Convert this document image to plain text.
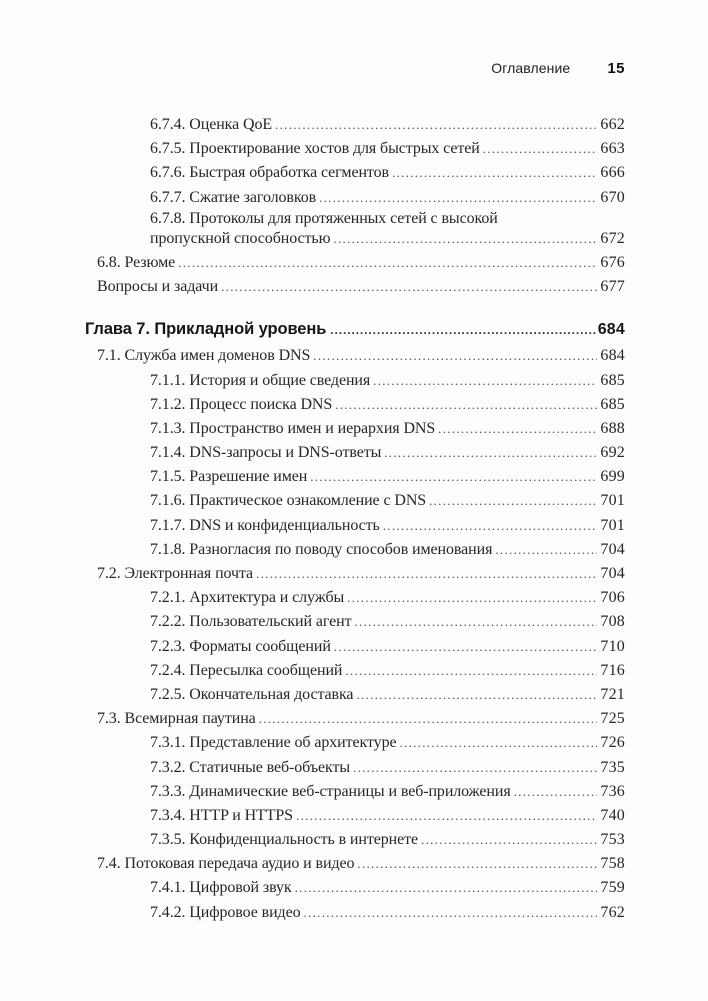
Оглавление 15
6.7.4. Оценка QoE .....	662
6.7.5. Проектирование хостов для быстрых сетей .....	663
6.7.6. Быстрая обработка сегментов .....	666
6.7.7. Сжатие заголовков .....	670
6.7.8. Протоколы для протяженных сетей с высокой
пропускной способностью .....	672
6.8. Резюме .....	676
Вопросы и задачи .....	677
Глава 7. Прикладной уровень .....	684
7.1. Служба имен доменов DNS .....	684
7.1.1. История и общие сведения .....	685
7.1.2. Процесс поиска DNS .....	685
7.1.3. Пространство имен и иерархия DNS .....	688
7.1.4. DNS-запросы и DNS-ответы .....	692
7.1.5. Разрешение имен .....	699
7.1.6. Практическое ознакомление с DNS .....	701
7.1.7. DNS и конфиденциальность .....	701
7.1.8. Разногласия по поводу способов именования .....	704
7.2. Электронная почта .....	704
7.2.1. Архитектура и службы .....	706
7.2.2. Пользовательский агент .....	708
7.2.3. Форматы сообщений .....	710
7.2.4. Пересылка сообщений .....	716
7.2.5. Окончательная доставка .....	721
7.3. Всемирная паутина .....	725
7.3.1. Представление об архитектуре .....	726
7.3.2. Статичные веб-объекты .....	735
7.3.3. Динамические веб-страницы и веб-приложения .....	736
7.3.4. HTTP и HTTPS .....	740
7.3.5. Конфиденциальность в интернете .....	753
7.4. Потоковая передача аудио и видео .....	758
7.4.1. Цифровой звук .....	759
7.4.2. Цифровое видео .....	762
